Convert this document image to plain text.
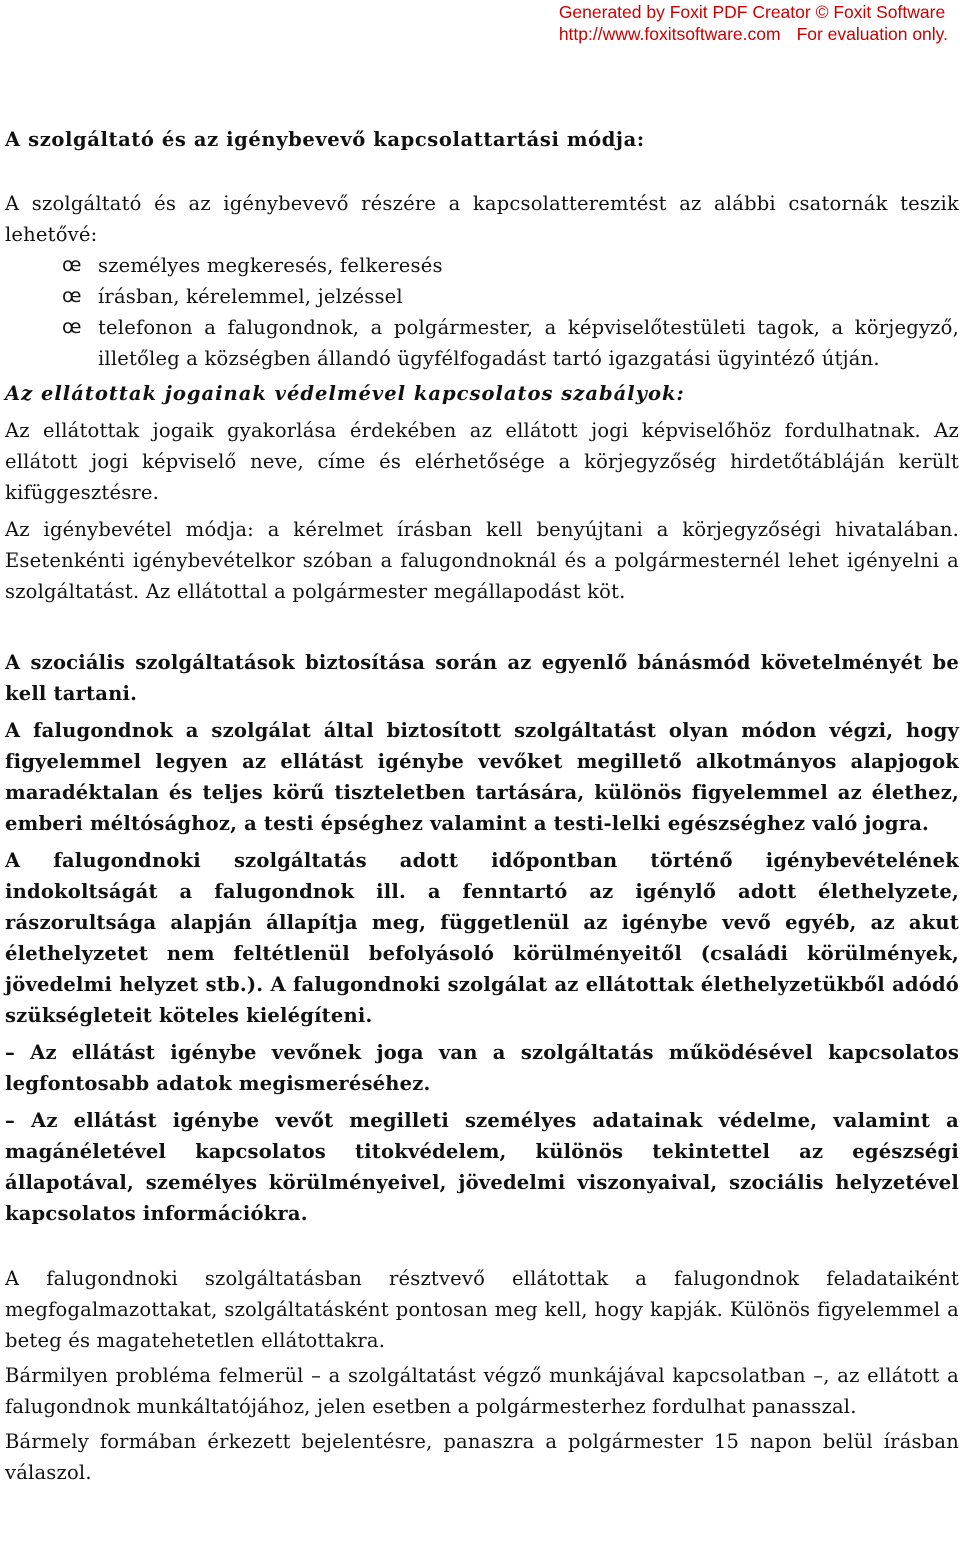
Generated by Foxit PDF Creator © Foxit Software
http://www.foxitsoftware.com For evaluation only.
A szolgáltató és az igénybevevő kapcsolattartási módja:

A szolgáltató és az igénybevevő részére a kapcsolatteremtést az alábbi csatornák teszik lehetővé:

œ személyes megkeresés, felkeresés
œ írásban, kérelemmel, jelzéssel
œ telefonon a falugondnok, a polgármester, a képviselőtestületi tagok, a körjegyző, illetőleg a községben állandó ügyfélfogadást tartó igazgatási ügyintéző útján.

Az ellátottak jogainak védelmével kapcsolatos szabályok:

Az ellátottak jogaik gyakorlása érdekében az ellátott jogi képviselőhöz fordulhatnak. Az ellátott jogi képviselő neve, címe és elérhetősége a körjegyzőség hirdetőtábláján került kifüggesztésre.

Az igénybevétel módja: a kérelmet írásban kell benyújtani a körjegyzőségi hivatalában. Esetenkénti igénybevételkor szóban a falugondnoknál és a polgármesternél lehet igényelni a szolgáltatást. Az ellátottal a polgármester megállapodást köt.

A szociális szolgáltatások biztosítása során az egyenlő bánásmód követelményét be kell tartani.

A falugondnok a szolgálat által biztosított szolgáltatást olyan módon végzi, hogy figyelemmel legyen az ellátást igénybe vevőket megillető alkotmányos alapjogok maradéktalan és teljes körű tiszteletben tartására, különös figyelemmel az élethez, emberi méltósághoz, a testi épséghez valamint a testi-lelki egészséghez való jogra.

A falugondnoki szolgáltatás adott időpontban történő igénybevételének indokoltságát a falugondnok ill. a fenntartó az igénylő adott élethelyzete, rászorultsága alapján állapítja meg, függetlenül az igénybe vevő egyéb, az akut élethelyzetet nem feltétlenül befolyásoló körülményeitől (családi körülmények, jövedelmi helyzet stb.). A falugondnoki szolgálat az ellátottak élethelyzetükből adódó szükségleteit köteles kielégíteni.

– Az ellátást igénybe vevőnek joga van a szolgáltatás működésével kapcsolatos legfontosabb adatok megismeréséhez.

– Az ellátást igénybe vevőt megilleti személyes adatainak védelme, valamint a magánéletével kapcsolatos titokvédelem, különös tekintettel az egészségi állapotával, személyes körülményeivel, jövedelmi viszonyaival, szociális helyzetével kapcsolatos információkra.

A falugondnoki szolgáltatásban résztvevő ellátottak a falugondnok feladataiként megfogalmazottakat, szolgáltatásként pontosan meg kell, hogy kapják. Különös figyelemmel a beteg és magatehetetlen ellátottakra.

Bármilyen probléma felmerül – a szolgáltatást végző munkájával kapcsolatban –, az ellátott a falugondnok munkáltatójához, jelen esetben a polgármesterhez fordulhat panasszal.

Bármely formában érkezett bejelentésre, panaszra a polgármester 15 napon belül írásban válaszol.
